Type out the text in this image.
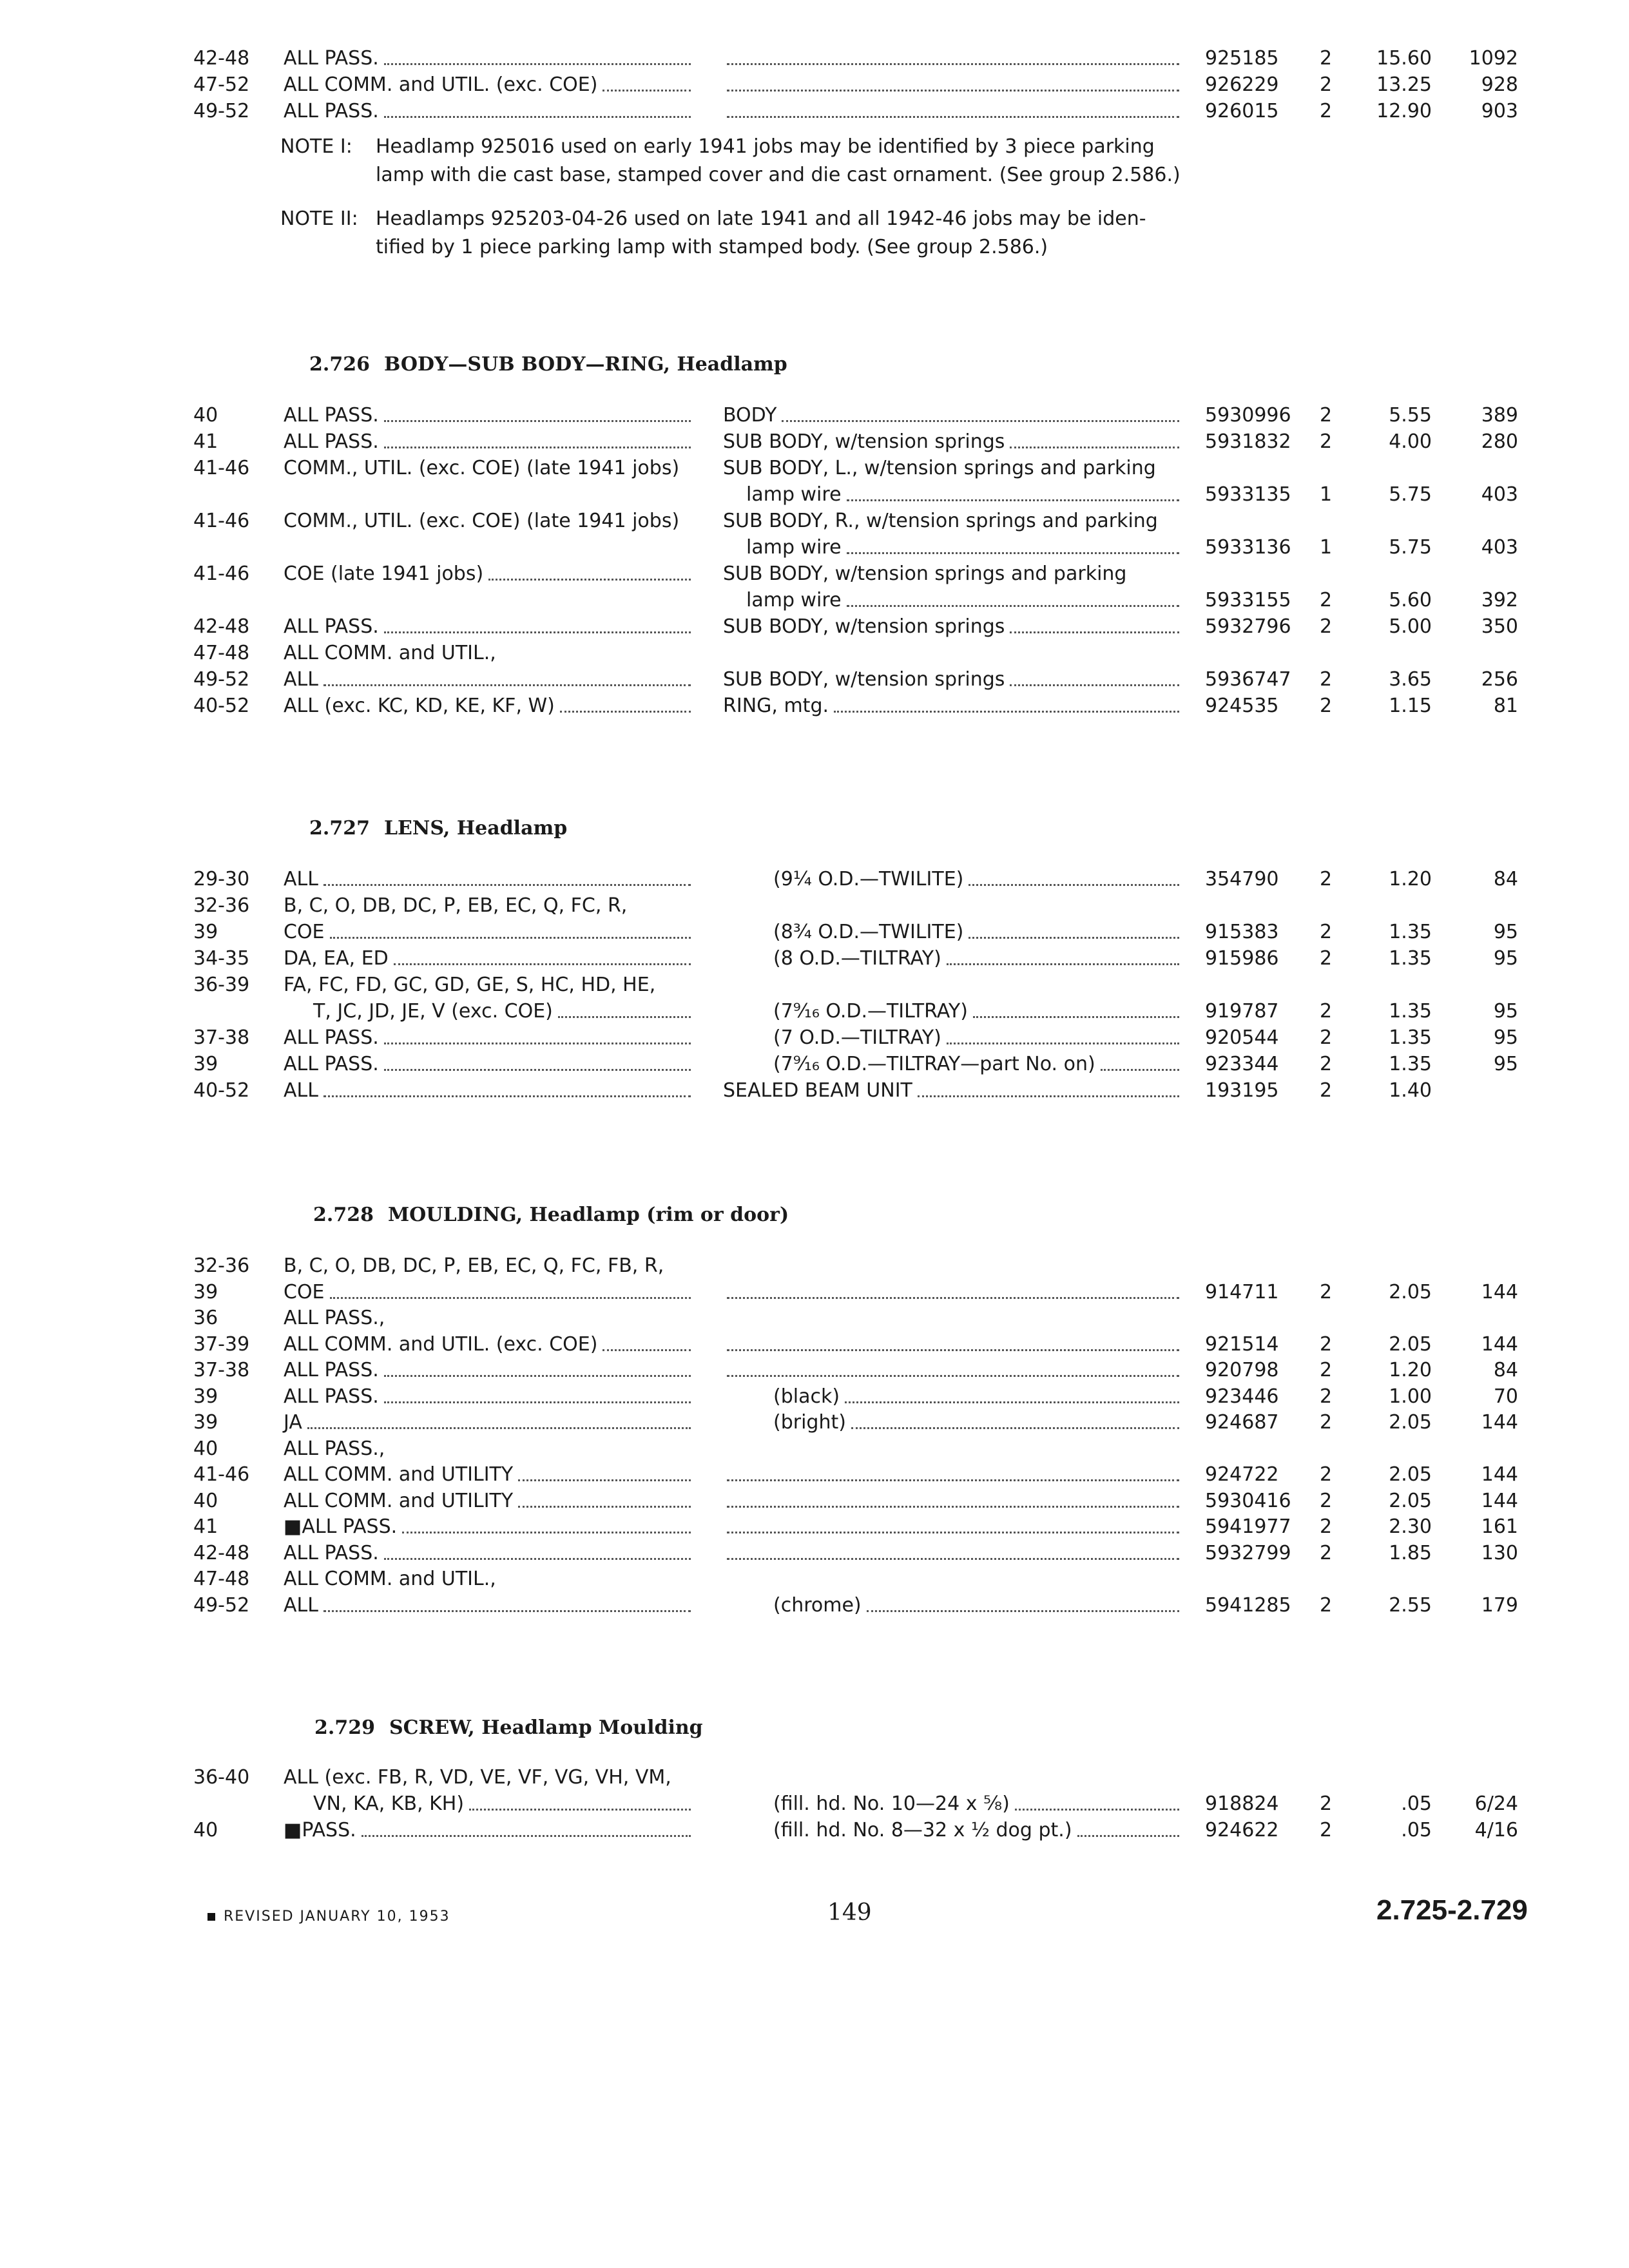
42-48 ALL PASS.	925185 2	15.60	1092
47-52 ALL COMM. and UTIL. (exc. COE)	926229 2	13.25	928
49-52 ALL PASS.	926015 2	12.90	903
NOTE I: Headlamp 925016 used on early 1941 jobs may be identified by 3 piece parking
lamp with die cast base, stamped cover and die cast ornament. (See group 2.586.)
NOTE II: Headlamps 925203-04-26 used on late 1941 and all 1942-46 jobs may be iden-
tified by 1 piece parking lamp with stamped body. (See group 2.586.)
2.726 BODY—SUB BODY—RING, Headlamp
40	ALL PASS.	BODY	5930996 2	5.55	389
41	ALL PASS.	SUB BODY, w/tension springs	5931832 2	4.00	280
41-46 COMM., UTIL. (exc. COE) (late 1941 jobs) SUB BODY, L., w/tension springs and parking
lamp wire	5933135 1	5.75	403
41-46 COMM., UTIL. (exc. COE) (late 1941 jobs) SUB BODY, R., w/tension springs and parking
lamp wire	5933136 1	5.75	403
41-46 COE (late 1941 jobs)	SUB BODY, w/tension springs and parking
lamp wire	5933155 2	5.60	392
42-48 ALL PASS.	SUB BODY, w/tension springs	5932796 2	5.00	350
47-48 ALL COMM. and UTIL.,
49-52 ALL	SUB BODY, w/tension springs	5936747 2	3.65	256
40-52 ALL (exc. KC, KD, KE, KF, W)	RING, mtg.	924535 2	1.15	81
2.727 LENS, Headlamp
29-30 ALL	(9¼ O.D.—TWILITE)	354790 2	1.20	84
32-36 B, C, O, DB, DC, P, EB, EC, Q, FC, R,
39	COE	(8¾ O.D.—TWILITE)	915383 2	1.35	95
34-35 DA, EA, ED	(8 O.D.—TILTRAY)	915986 2	1.35	95
36-39 FA, FC, FD, GC, GD, GE, S, HC, HD, HE,
T, JC, JD, JE, V (exc. COE)	(7⁹⁄₁₆ O.D.—TILTRAY)	919787 2	1.35	95
37-38 ALL PASS.	(7 O.D.—TILTRAY)	920544 2	1.35	95
39	ALL PASS.	(7⁹⁄₁₆ O.D.—TILTRAY—part No. on)	923344 2	1.35	95
40-52 ALL	SEALED BEAM UNIT	193195 2	1.40
2.728 MOULDING, Headlamp (rim or door)
32-36 B, C, O, DB, DC, P, EB, EC, Q, FC, FB, R,
39	COE	914711 2	2.05	144
36	ALL PASS.,
37-39 ALL COMM. and UTIL. (exc. COE)	921514 2	2.05	144
37-38 ALL PASS.	920798 2	1.20	84
39	ALL PASS.	(black)	923446 2	1.00	70
39	JA	(bright)	924687 2	2.05	144
40	ALL PASS.,
41-46 ALL COMM. and UTILITY	924722 2	2.05	144
40	ALL COMM. and UTILITY	5930416 2	2.05	144
41	■ALL PASS.	5941977 2	2.30	161
42-48 ALL PASS.	5932799 2	1.85	130
47-48 ALL COMM. and UTIL.,
49-52 ALL	(chrome)	5941285 2	2.55	179
2.729 SCREW, Headlamp Moulding
36-40 ALL (exc. FB, R, VD, VE, VF, VG, VH, VM,
VN, KA, KB, KH)	(fill. hd. No. 10—24 x ⅝)	918824 2	.05	6/24
40	■PASS.	(fill. hd. No. 8—32 x ½ dog pt.)	924622 2	.05	4/16
REVISED JANUARY 10, 1953	149	2.725-2.729
